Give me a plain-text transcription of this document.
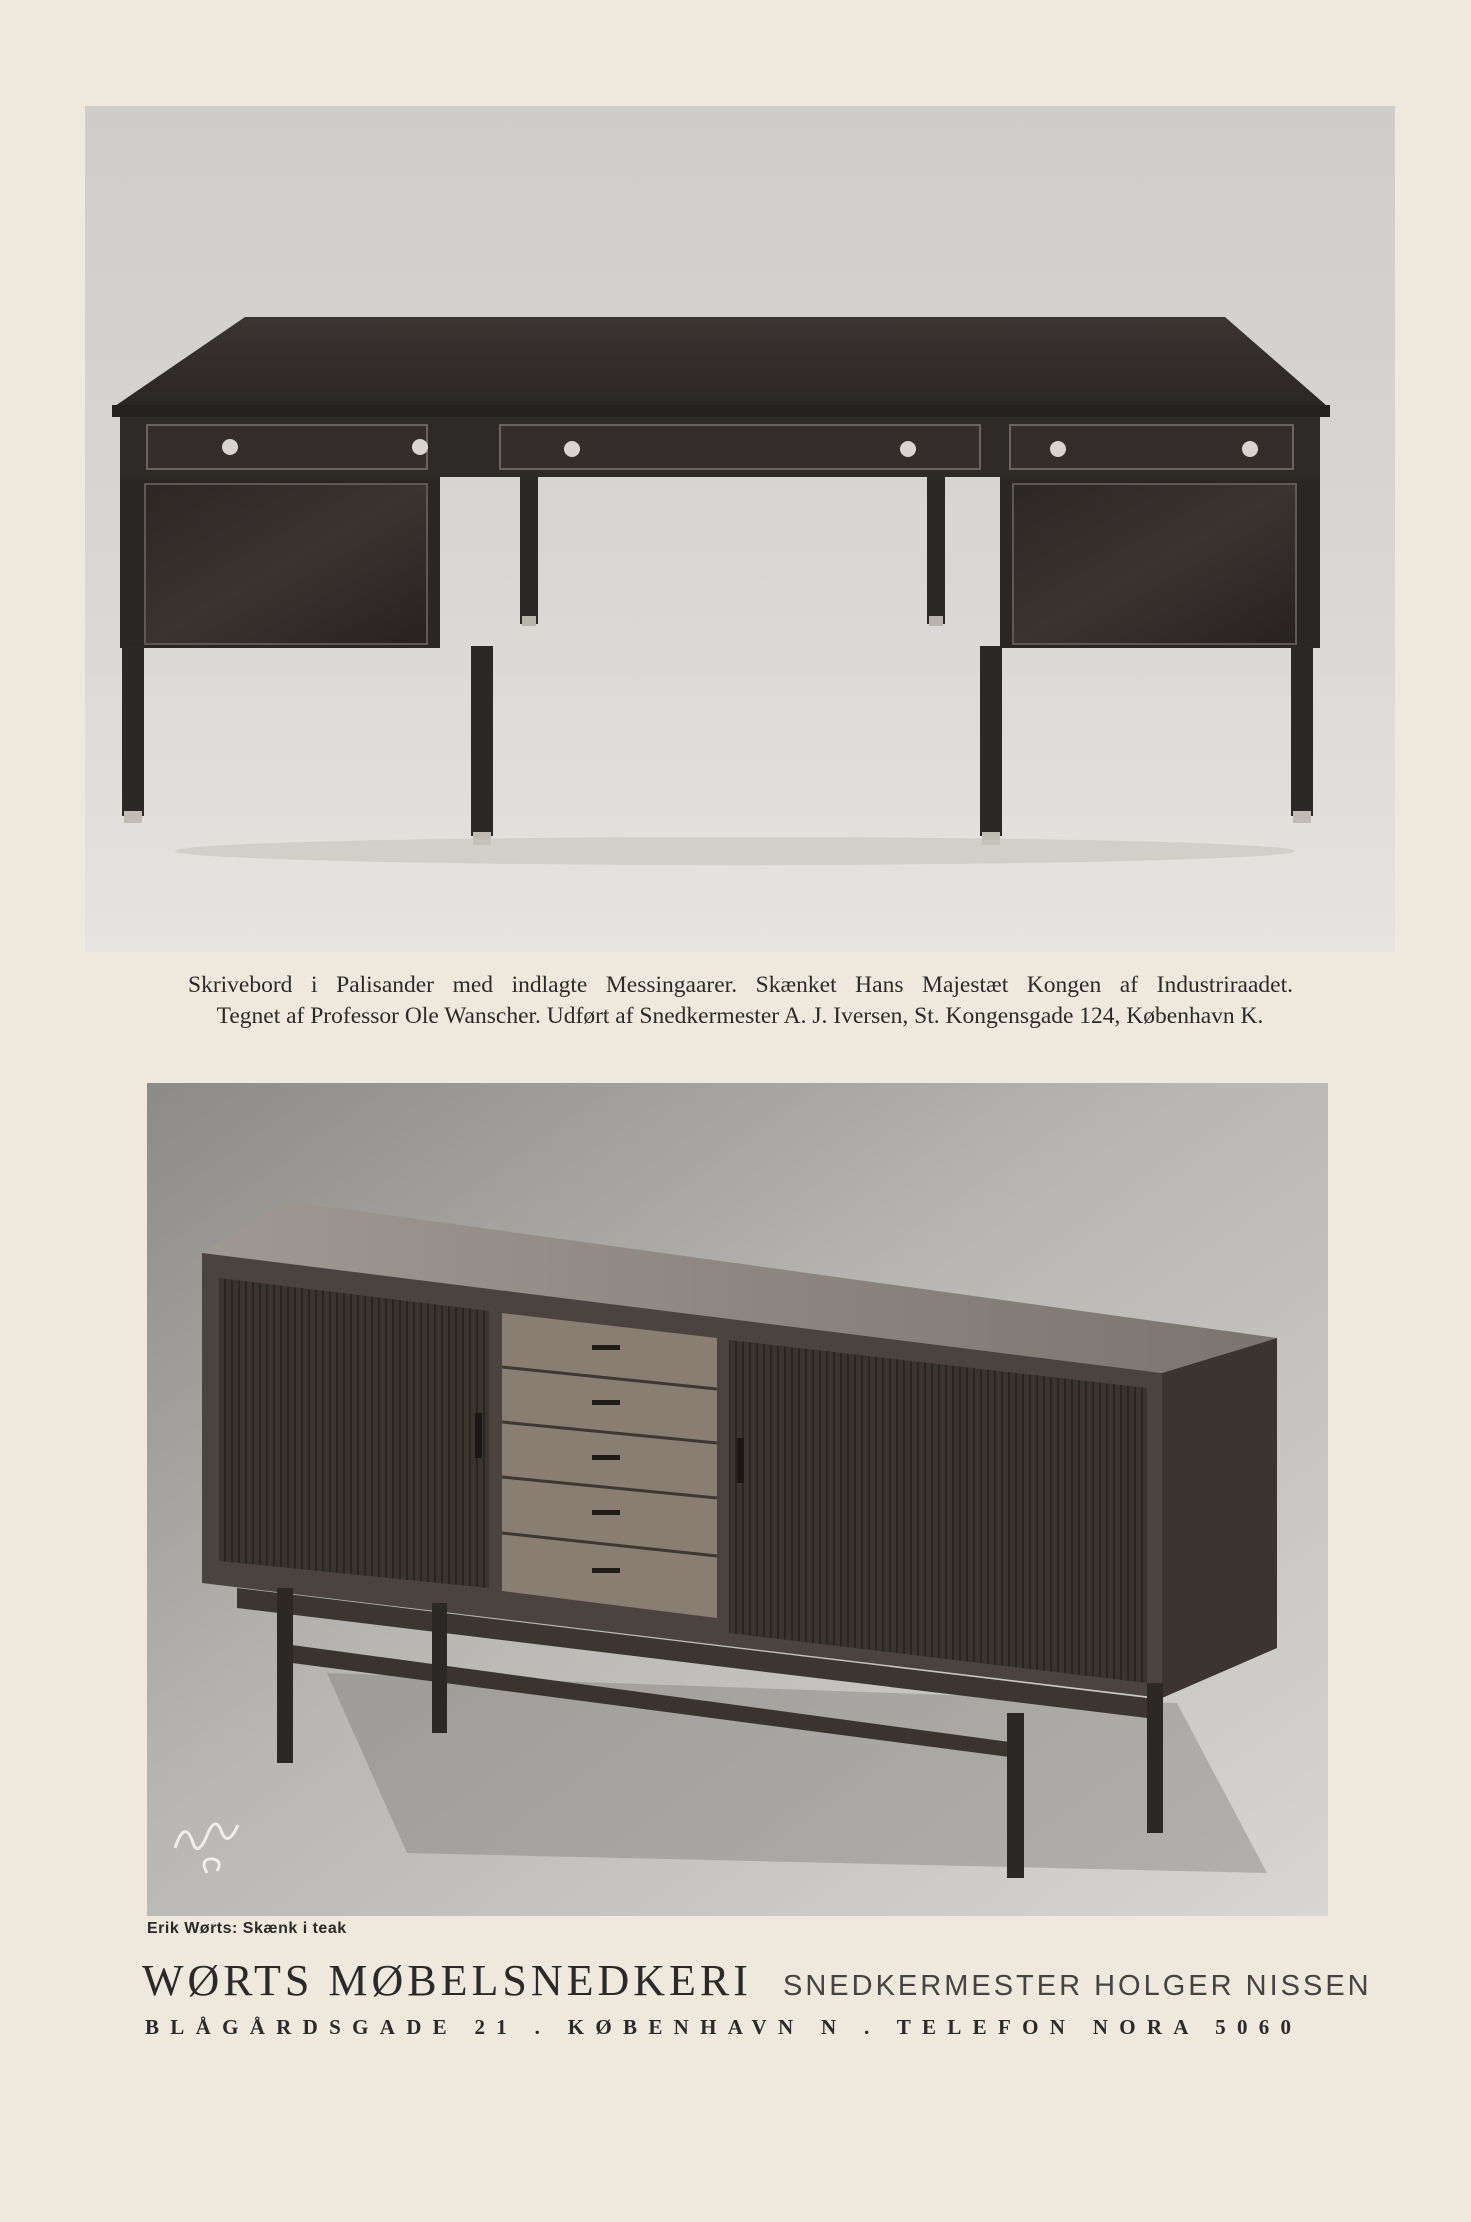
Skrivebord i Palisander med indlagte Messingaarer. Skænket Hans Majestæt Kongen af Industriraadet.
Tegnet af Professor Ole Wanscher. Udført af Snedkermester A. J. Iversen, St. Kongensgade 124, København K.
Erik Wørts: Skænk i teak
WØRTS MØBELSNEDKERI SNEDKERMESTER HOLGER NISSEN
BLÅGÅRDSGADE 21 . KØBENHAVN N . TELEFON NORA 5060
